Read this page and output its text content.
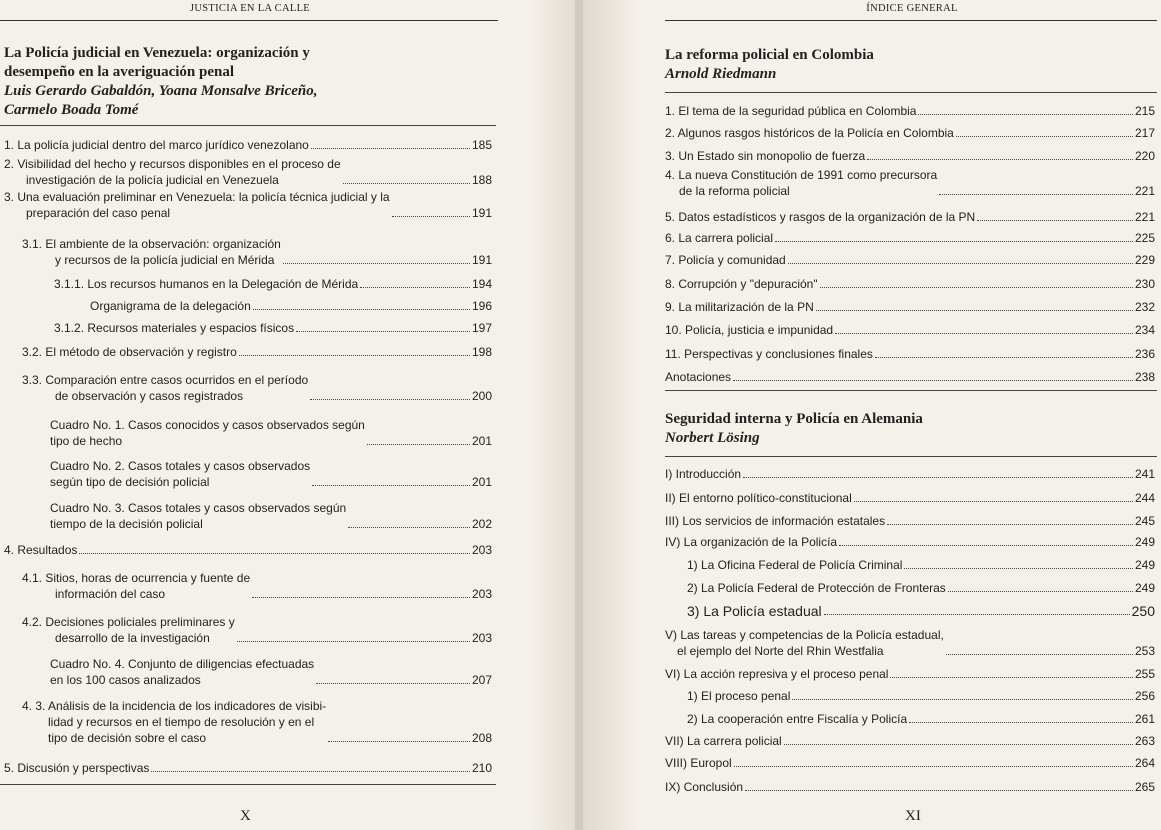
JUSTICIA EN LA CALLE
La Policía judicial en Venezuela: organización y
desempeño en la averiguación penal
Luis Gerardo Gabaldón, Yoana Monsalve Briceño,
Carmelo Boada Tomé
1. La policía judicial dentro del marco jurídico venezolano	185
2. Visibilidad del hecho y recursos disponibles en el proceso de
investigación de la policía judicial en Venezuela	188
3. Una evaluación preliminar en Venezuela: la policía técnica judicial y la
preparación del caso penal	191
3.1. El ambiente de la observación: organización
y recursos de la policía judicial en Mérida	191
3.1.1. Los recursos humanos en la Delegación de Mérida	194
Organigrama de la delegación	196
3.1.2. Recursos materiales y espacios físicos	197
3.2. El método de observación y registro	198
3.3. Comparación entre casos ocurridos en el período
de observación y casos registrados	200
Cuadro No. 1. Casos conocidos y casos observados según
tipo de hecho	201
Cuadro No. 2. Casos totales y casos observados
según tipo de decisión policial	201
Cuadro No. 3. Casos totales y casos observados según
tiempo de la decisión policial	202
4. Resultados	203
4.1. Sitios, horas de ocurrencia y fuente de
información del caso	203
4.2. Decisiones policiales preliminares y
desarrollo de la investigación	203
Cuadro No. 4. Conjunto de diligencias efectuadas
en los 100 casos analizados	207
4. 3. Análisis de la incidencia de los indicadores de visibi-
lidad y recursos en el tiempo de resolución y en el
tipo de decisión sobre el caso	208
5. Discusión y perspectivas	210
X
ÍNDICE GENERAL
La reforma policial en Colombia
Arnold Riedmann
1. El tema de la seguridad pública en Colombia	215
2. Algunos rasgos históricos de la Policía en Colombia	217
3. Un Estado sin monopolio de fuerza	220
4. La nueva Constitución de 1991 como precursora
de la reforma policial	221
5. Datos estadísticos y rasgos de la organización de la PN	221
6. La carrera policial	225
7. Policía y comunidad	229
8. Corrupción y "depuración"	230
9. La militarización de la PN	232
10. Policía, justicia e impunidad	234
11. Perspectivas y conclusiones finales	236
Anotaciones	238
Seguridad interna y Policía en Alemania
Norbert Lösing
I) Introducción	241
II) El entorno político-constitucional	244
III) Los servicios de información estatales	245
IV) La organización de la Policía	249
1) La Oficina Federal de Policía Criminal	249
2) La Policía Federal de Protección de Fronteras	249
3) La Policía estadual	250
V) Las tareas y competencias de la Policía estadual,
el ejemplo del Norte del Rhin Westfalia	253
VI) La acción represiva y el proceso penal	255
1) El proceso penal	256
2) La cooperación entre Fiscalía y Policía	261
VII) La carrera policial	263
VIII) Europol	264
IX) Conclusión	265
XI
